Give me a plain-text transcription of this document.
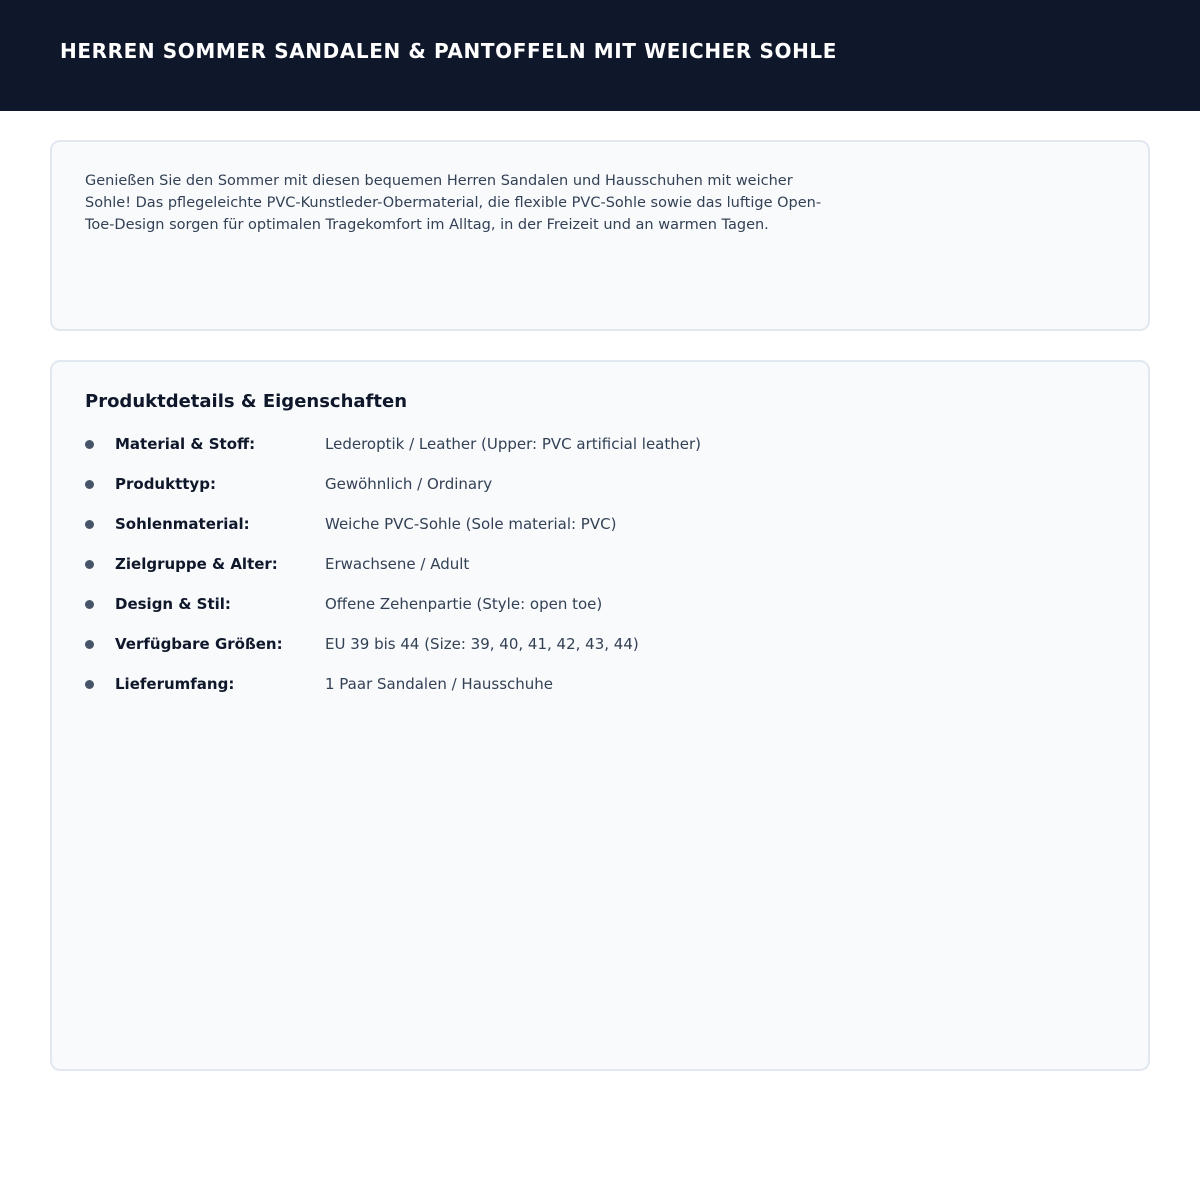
HERREN SOMMER SANDALEN & PANTOFFELN MIT WEICHER SOHLE

Genießen Sie den Sommer mit diesen bequemen Herren Sandalen und Hausschuhen mit weicher Sohle! Das pflegeleichte PVC-Kunstleder-Obermaterial, die flexible PVC-Sohle sowie das luftige Open-Toe-Design sorgen für optimalen Tragekomfort im Alltag, in der Freizeit und an warmen Tagen.

Produktdetails & Eigenschaften
Material & Stoff:	Lederoptik / Leather (Upper: PVC artificial leather)
Produkttyp:	Gewöhnlich / Ordinary
Sohlenmaterial:	Weiche PVC-Sohle (Sole material: PVC)
Zielgruppe & Alter:	Erwachsene / Adult
Design & Stil:	Offene Zehenpartie (Style: open toe)
Verfügbare Größen:	EU 39 bis 44 (Size: 39, 40, 41, 42, 43, 44)
Lieferumfang:	1 Paar Sandalen / Hausschuhe
